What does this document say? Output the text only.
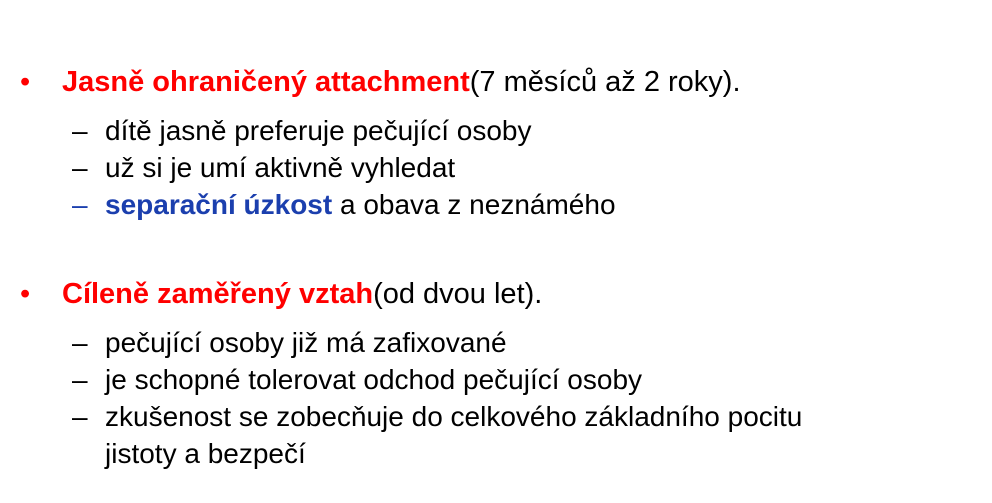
•	Jasně ohraničený attachment (7 měsíců až 2 roky).
– dítě jasně preferuje pečující osoby
– už si je umí aktivně vyhledat
– separační úzkost a obava z neznámého
•	Cíleně zaměřený vztah (od dvou let).
– pečující osoby již má zafixované
– je schopné tolerovat odchod pečující osoby
– zkušenost se zobecňuje do celkového základního pocitu jistoty a bezpečí
